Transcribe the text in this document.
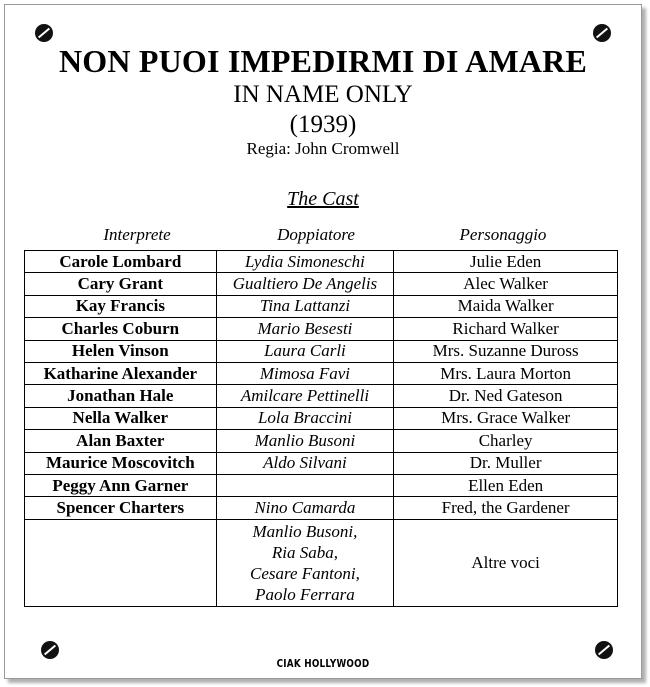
NON PUOI IMPEDIRMI DI AMARE
IN NAME ONLY
(1939)
Regia: John Cromwell
The Cast
Interprete	Doppiatore	Personaggio
Carole Lombard	Lydia Simoneschi	Julie Eden
Cary Grant	Gualtiero De Angelis	Alec Walker
Kay Francis	Tina Lattanzi	Maida Walker
Charles Coburn	Mario Besesti	Richard Walker
Helen Vinson	Laura Carli	Mrs. Suzanne Duross
Katharine Alexander	Mimosa Favi	Mrs. Laura Morton
Jonathan Hale	Amilcare Pettinelli	Dr. Ned Gateson
Nella Walker	Lola Braccini	Mrs. Grace Walker
Alan Baxter	Manlio Busoni	Charley
Maurice Moscovitch	Aldo Silvani	Dr. Muller
Peggy Ann Garner		Ellen Eden
Spencer Charters	Nino Camarda	Fred, the Gardener

	Manlio Busoni,
Ria Saba,
Cesare Fantoni,
Paolo Ferrara	Altre voci
CIAK HOLLYWOOD
